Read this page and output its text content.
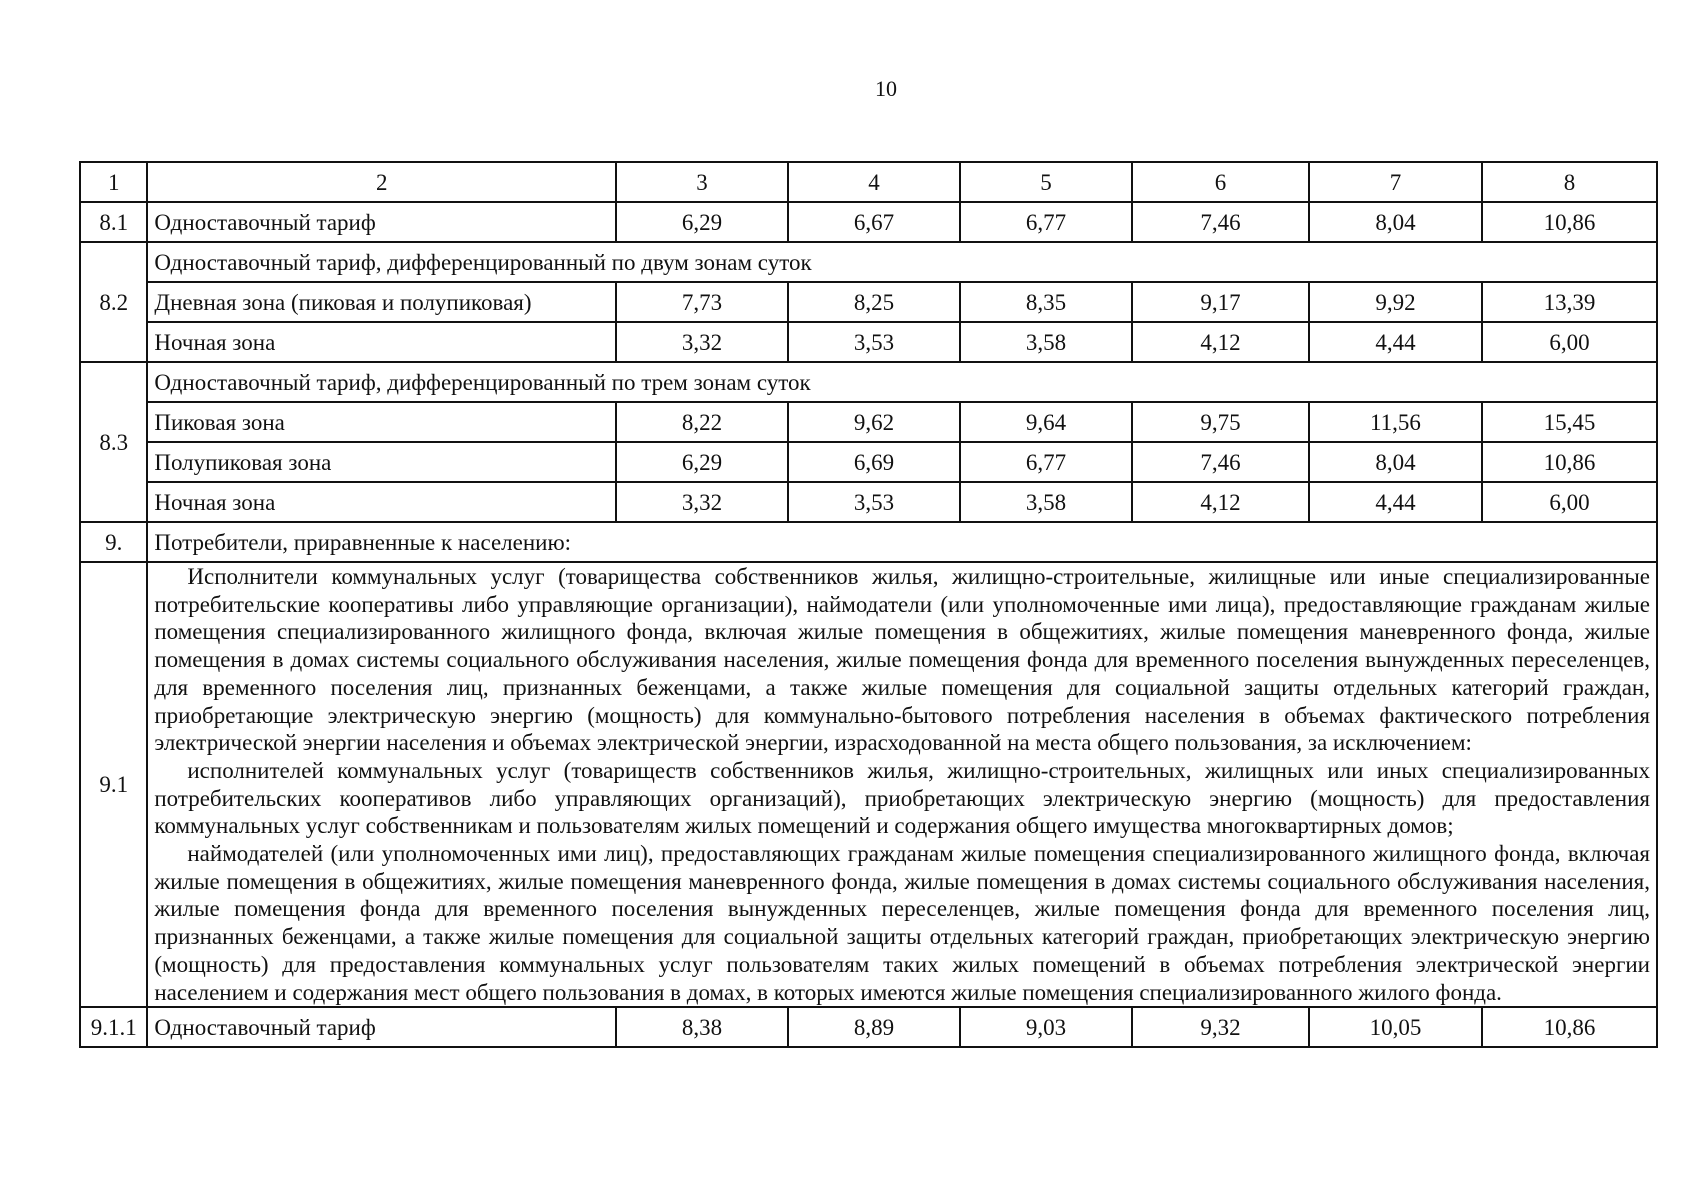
10
1	2	3	4	5	6	7	8
8.1	Одноставочный тариф	6,29	6,67	6,77	7,46	8,04	10,86
8.2	Одноставочный тариф, дифференцированный по двум зонам суток						
	Дневная зона (пиковая и полупиковая)	7,73	8,25	8,35	9,17	9,92	13,39
	Ночная зона	3,32	3,53	3,58	4,12	4,44	6,00
8.3	Одноставочный тариф, дифференцированный по трем зонам суток						
	Пиковая зона	8,22	9,62	9,64	9,75	11,56	15,45
	Полупиковая зона	6,29	6,69	6,77	7,46	8,04	10,86
	Ночная зона	3,32	3,53	3,58	4,12	4,44	6,00
9.	Потребители, приравненные к населению:						
9.1	Исполнители коммунальных услуг (товарищества собственников жилья, жилищно-строительные, жилищные или иные специализированные потребительские кооперативы либо управляющие организации), наймодатели (или уполномоченные ими лица), предоставляющие гражданам жилые помещения специализированного жилищного фонда, включая жилые помещения в общежитиях, жилые помещения маневренного фонда, жилые помещения в домах системы социального обслуживания населения, жилые помещения фонда для временного поселения вынужденных переселенцев, для временного поселения лиц, признанных беженцами, а также жилые помещения для социальной защиты отдельных категорий граждан, приобретающие электрическую энергию (мощность) для коммунально-бытового потребления населения в объемах фактического потребления электрической энергии населения и объемах электрической энергии, израсходованной на места общего пользования, за исключением:

исполнителей коммунальных услуг (товариществ собственников жилья, жилищно-строительных, жилищных или иных специализированных потребительских кооперативов либо управляющих организаций), приобретающих электрическую энергию (мощность) для предоставления коммунальных услуг собственникам и пользователям жилых помещений и содержания общего имущества многоквартирных домов;

наймодателей (или уполномоченных ими лиц), предоставляющих гражданам жилые помещения специализированного жилищного фонда, включая жилые помещения в общежитиях, жилые помещения маневренного фонда, жилые помещения в домах системы социального обслуживания населения, жилые помещения фонда для временного поселения вынужденных переселенцев, жилые помещения фонда для временного поселения лиц, признанных беженцами, а также жилые помещения для социальной защиты отдельных категорий граждан, приобретающих электрическую энергию (мощность) для предоставления коммунальных услуг пользователям таких жилых помещений в объемах потребления электрической энергии населением и содержания мест общего пользования в домах, в которых имеются жилые помещения специализированного жилого фонда.						

9.1.1	Одноставочный тариф	8,38	8,89	9,03	9,32	10,05	10,86
